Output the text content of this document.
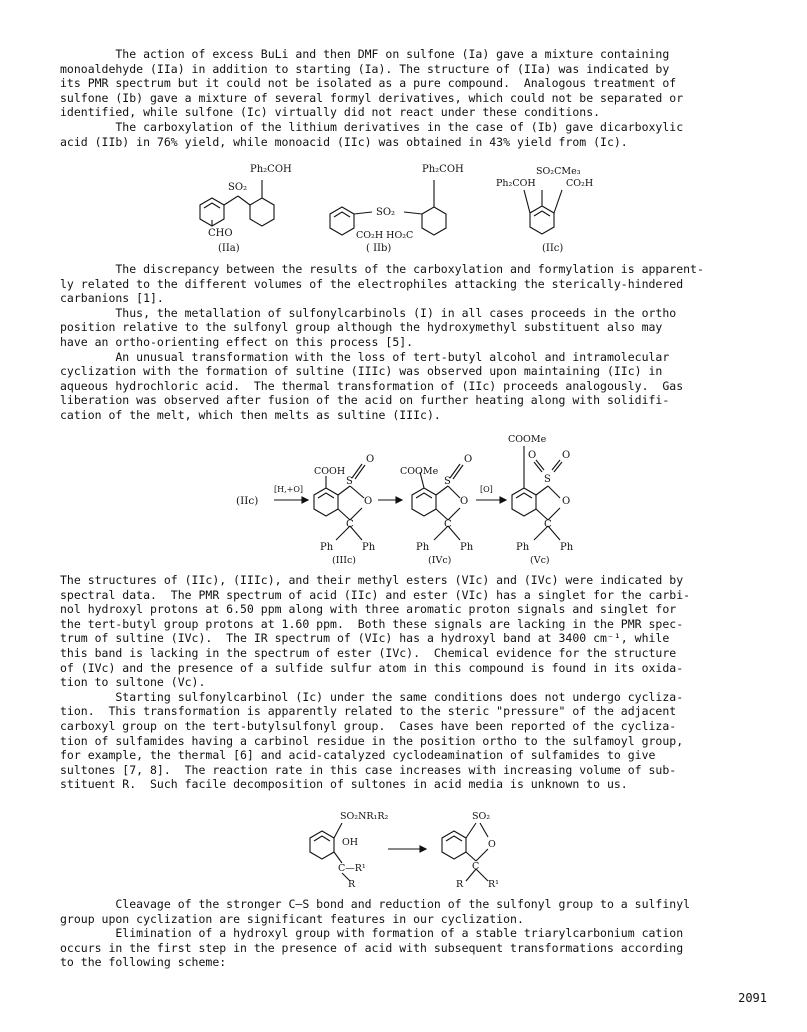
The action of excess BuLi and then DMF on sulfone (Ia) gave a mixture containing
monoaldehyde (IIa) in addition to starting (Ia). The structure of (IIa) was indicated by
its PMR spectrum but it could not be isolated as a pure compound.  Analogous treatment of
sulfone (Ib) gave a mixture of several formyl derivatives, which could not be separated or
identified, while sulfone (Ic) virtually did not react under these conditions.
The carboxylation of the lithium derivatives in the case of (Ib) gave dicarboxylic
acid (IIb) in 76% yield, while monoacid (IIc) was obtained in 43% yield from (Ic).
Ph₂COH
SO₂
CHO
(IIa)
Ph₂COH
SO₂
CO₂H HO₂C
( IIb)
SO₂CMe₃
Ph₂COH	CO₂H
(IIc)
The discrepancy between the results of the carboxylation and formylation is apparent-
ly related to the different volumes of the electrophiles attacking the sterically-hindered
carbanions [1].
Thus, the metallation of sulfonylcarbinols (I) in all cases proceeds in the ortho
position relative to the sulfonyl group although the hydroxymethyl substituent also may
have an ortho-orienting effect on this process [5].
An unusual transformation with the loss of tert-butyl alcohol and intramolecular
cyclization with the formation of sultine (IIIc) was observed upon maintaining (IIc) in
aqueous hydrochloric acid.  The thermal transformation of (IIc) proceeds analogously.  Gas
liberation was observed after fusion of the acid on further heating along with solidifi-
cation of the melt, which then melts as sultine (IIIc).
(IIc)
[H,+O]
COOH
O
S
O
C
Ph	Ph
(IIIc)
COOMe
O
S
O
C
Ph	Ph
(IVc)
[O]
COOMe
O	O
S
O
C
Ph	Ph
(Vc)
The structures of (IIc), (IIIc), and their methyl esters (VIc) and (IVc) were indicated by
spectral data.  The PMR spectrum of acid (IIc) and ester (VIc) has a singlet for the carbi-
nol hydroxyl protons at 6.50 ppm along with three aromatic proton signals and singlet for
the tert-butyl group protons at 1.60 ppm.  Both these signals are lacking in the PMR spec-
trum of sultine (IVc).  The IR spectrum of (VIc) has a hydroxyl band at 3400 cm⁻¹, while
this band is lacking in the spectrum of ester (IVc).  Chemical evidence for the structure
of (IVc) and the presence of a sulfide sulfur atom in this compound is found in its oxida-
tion to sultone (Vc).
Starting sulfonylcarbinol (Ic) under the same conditions does not undergo cycliza-
tion.  This transformation is apparently related to the steric "pressure" of the adjacent
carboxyl group on the tert-butylsulfonyl group.  Cases have been reported of the cycliza-
tion of sulfamides having a carbinol residue in the position ortho to the sulfamoyl group,
for example, the thermal [6] and acid-catalyzed cyclodeamination of sulfamides to give
sultones [7, 8].  The reaction rate in this case increases with increasing volume of sub-
stituent R.  Such facile decomposition of sultones in acid media is unknown to us.
SO₂NR₁R₂
OH
C—R¹
R
SO₂
O
C
R	R¹
Cleavage of the stronger C—S bond and reduction of the sulfonyl group to a sulfinyl
group upon cyclization are significant features in our cyclization.
Elimination of a hydroxyl group with formation of a stable triarylcarbonium cation
occurs in the first step in the presence of acid with subsequent transformations according
to the following scheme:
2091
